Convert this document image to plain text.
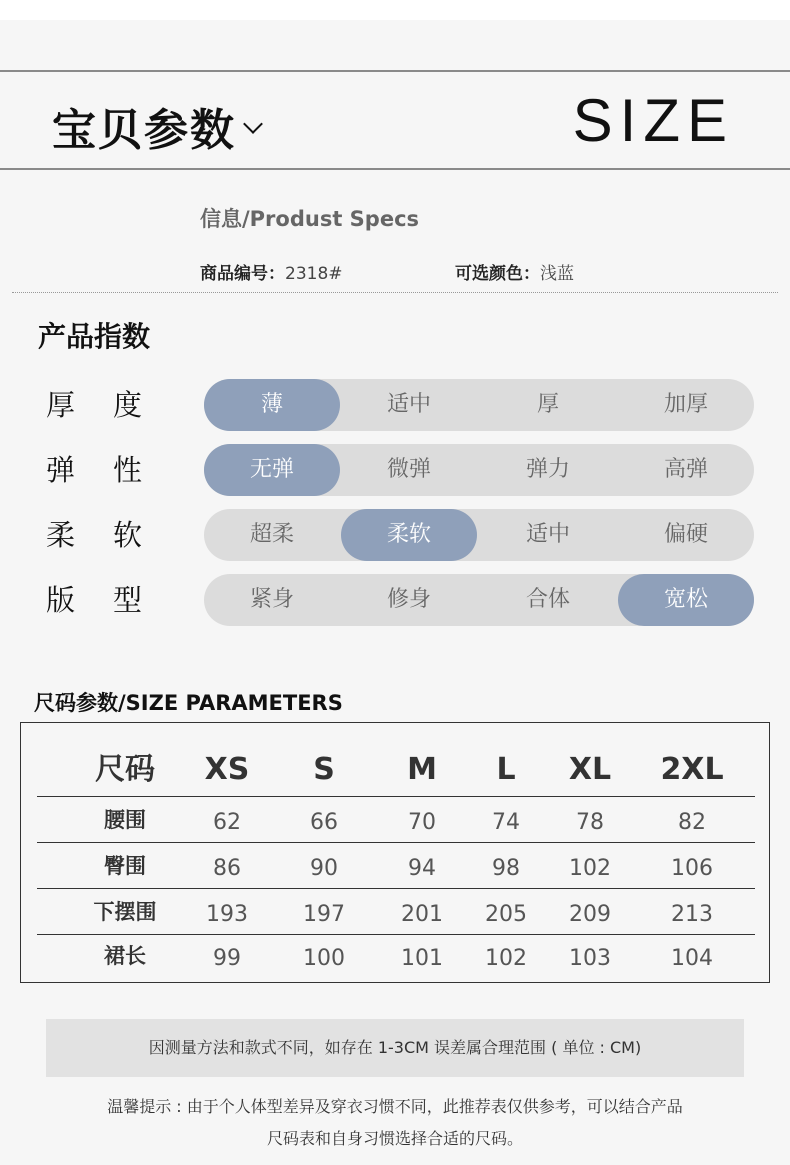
宝贝参数	SIZE
信息/Produst Specs
商品编号：2318#	可选颜色：浅蓝
产品指数
厚度	薄	适中	厚	加厚
弹性	无弹	微弹	弹力	高弹
柔软	超柔	柔软	适中	偏硬
版型	紧身	修身	合体	宽松
尺码参数/SIZE PARAMETERS
尺码	XS	S	M	L	XL	2XL
腰围	62	66	70	74	78	82
臀围	86	90	94	98	102	106
下摆围	193	197	201	205	209	213
裙长	99	100	101	102	103	104
因测量方法和款式不同，如存在 1-3CM 误差属合理范围 ( 单位 : CM)
温馨提示 : 由于个人体型差异及穿衣习惯不同，此推荐表仅供参考，可以结合产品
尺码表和自身习惯选择合适的尺码。
